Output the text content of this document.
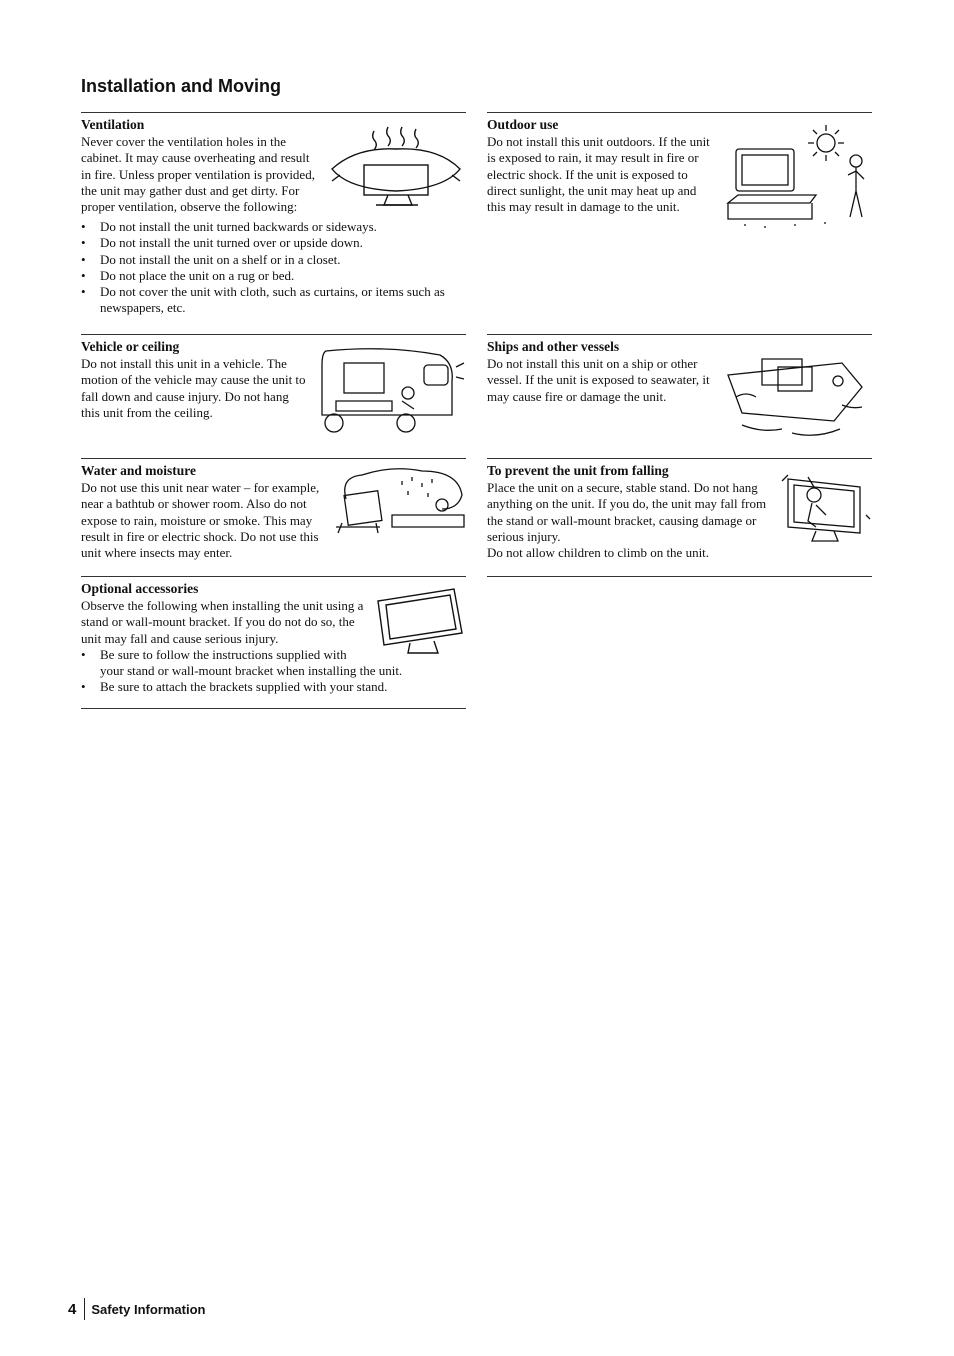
Installation and Moving
Ventilation

Never cover the ventilation holes in the cabinet. It may cause overheating and result in fire. Unless proper ventilation is provided, the unit may gather dust and get dirty. For proper ventilation, observe the following:

• Do not install the unit turned backwards or sideways.
• Do not install the unit turned over or upside down.
• Do not install the unit on a shelf or in a closet.
• Do not place the unit on a rug or bed.
• Do not cover the unit with cloth, such as curtains, or items such as newspapers, etc.
Outdoor use

Do not install this unit outdoors. If the unit is exposed to rain, it may result in fire or electric shock. If the unit is exposed to direct sunlight, the unit may heat up and this may result in damage to the unit.

Vehicle or ceiling

Do not install this unit in a vehicle. The motion of the vehicle may cause the unit to fall down and cause injury. Do not hang this unit from the ceiling.

Ships and other vessels

Do not install this unit on a ship or other vessel. If the unit is exposed to seawater, it may cause fire or damage the unit.

Water and moisture

Do not use this unit near water – for example, near a bathtub or shower room. Also do not expose to rain, moisture or smoke. This may result in fire or electric shock. Do not use this unit where insects may enter.

To prevent the unit from falling

Place the unit on a secure, stable stand. Do not hang anything on the unit. If you do, the unit may fall from the stand or wall-mount bracket, causing damage or serious injury.

Do not allow children to climb on the unit.

Optional accessories

Observe the following when installing the unit using a stand or wall-mount bracket. If you do not do so, the unit may fall and cause serious injury.

• Be sure to follow the instructions supplied with your stand or wall-mount bracket when installing the unit.
• Be sure to attach the brackets supplied with your stand.
4	Safety Information
